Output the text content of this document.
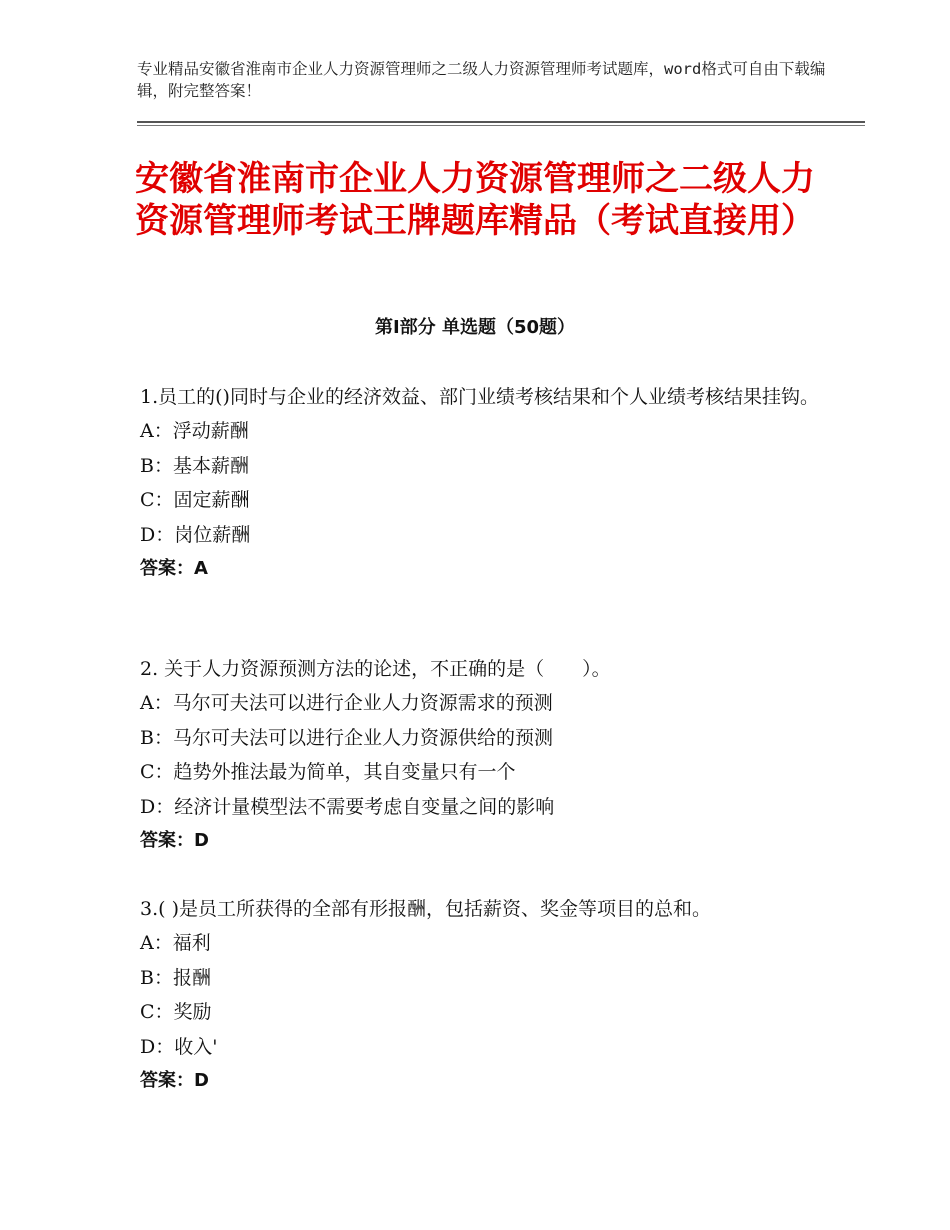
专业精品安徽省淮南市企业人力资源管理师之二级人力资源管理师考试题库，word格式可自由下载编辑，附完整答案！
安徽省淮南市企业人力资源管理师之二级人力资源管理师考试王牌题库精品（考试直接用）
第Ⅰ部分 单选题（50题）

1.员工的()同时与企业的经济效益、部门业绩考核结果和个人业绩考核结果挂钩。

A：浮动薪酬

B：基本薪酬

C：固定薪酬

D：岗位薪酬

答案：A

2. 关于人力资源预测方法的论述，不正确的是（　　）。

A：马尔可夫法可以进行企业人力资源需求的预测

B：马尔可夫法可以进行企业人力资源供给的预测

C：趋势外推法最为简单，其自变量只有一个

D：经济计量模型法不需要考虑自变量之间的影响

答案：D

3.( )是员工所获得的全部有形报酬，包括薪资、奖金等项目的总和。

A：福利

B：报酬

C：奖励

D：收入'

答案：D
